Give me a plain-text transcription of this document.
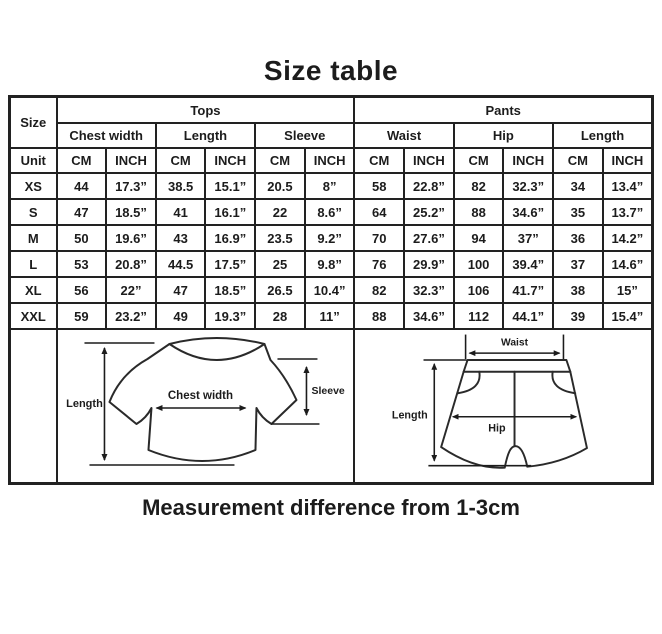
Size table
Size	Tops						Pants					
	Chest width		Length		Sleeve		Waist		Hip		Length	
Unit	CM	INCH	CM	INCH	CM	INCH	CM	INCH	CM	INCH	CM	INCH
XS	44	17.3”	38.5	15.1”	20.5	8”	58	22.8”	82	32.3”	34	13.4”
S	47	18.5”	41	16.1”	22	8.6”	64	25.2”	88	34.6”	35	13.7”
M	50	19.6”	43	16.9”	23.5	9.2”	70	27.6”	94	37”	36	14.2”
L	53	20.8”	44.5	17.5”	25	9.8”	76	29.9”	100	39.4”	37	14.6”
XL	56	22”	47	18.5”	26.5	10.4”	82	32.3”	106	41.7”	38	15”
XXL	59	23.2”	49	19.3”	28	11”	88	34.6”	112	44.1”	39	15.4”

Length
Chest width Sleeve						Waist
Length
Hip					
Measurement difference from 1-3cm
